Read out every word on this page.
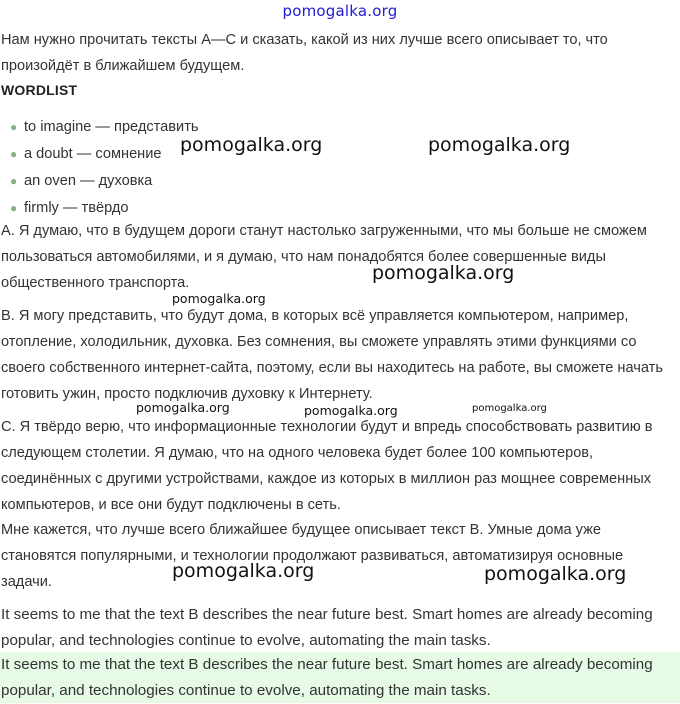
pomogalka.org
Нам нужно прочитать тексты A—C и сказать, какой из них лучше всего описывает то, что произойдёт в ближайшем будущем.
WORDLIST
● to imagine — представить
● a doubt — сомнение
● an oven — духовка
● firmly — твёрдо
A. Я думаю, что в будущем дороги станут настолько загруженными, что мы больше не сможем пользоваться автомобилями, и я думаю, что нам понадобятся более совершенные виды общественного транспорта.
B. Я могу представить, что будут дома, в которых всё управляется компьютером, например, отопление, холодильник, духовка. Без сомнения, вы сможете управлять этими функциями со своего собственного интернет-сайта, поэтому, если вы находитесь на работе, вы сможете начать готовить ужин, просто подключив духовку к Интернету.
C. Я твёрдо верю, что информационные технологии будут и впредь способствовать развитию в следующем столетии. Я думаю, что на одного человека будет более 100 компьютеров, соединённых с другими устройствами, каждое из которых в миллион раз мощнее современных компьютеров, и все они будут подключены в сеть.
Мне кажется, что лучше всего ближайшее будущее описывает текст B. Умные дома уже становятся популярными, и технологии продолжают развиваться, автоматизируя основные задачи.
It seems to me that the text B describes the near future best. Smart homes are already becoming popular, and technologies continue to evolve, automating the main tasks.
It seems to me that the text B describes the near future best. Smart homes are already becoming popular, and technologies continue to evolve, automating the main tasks.
pomogalka.org	pomogalka.org
pomogalka.org
pomogalka.org
pomogalka.org	pomogalka.org	pomogalka.org
pomogalka.org	pomogalka.org
